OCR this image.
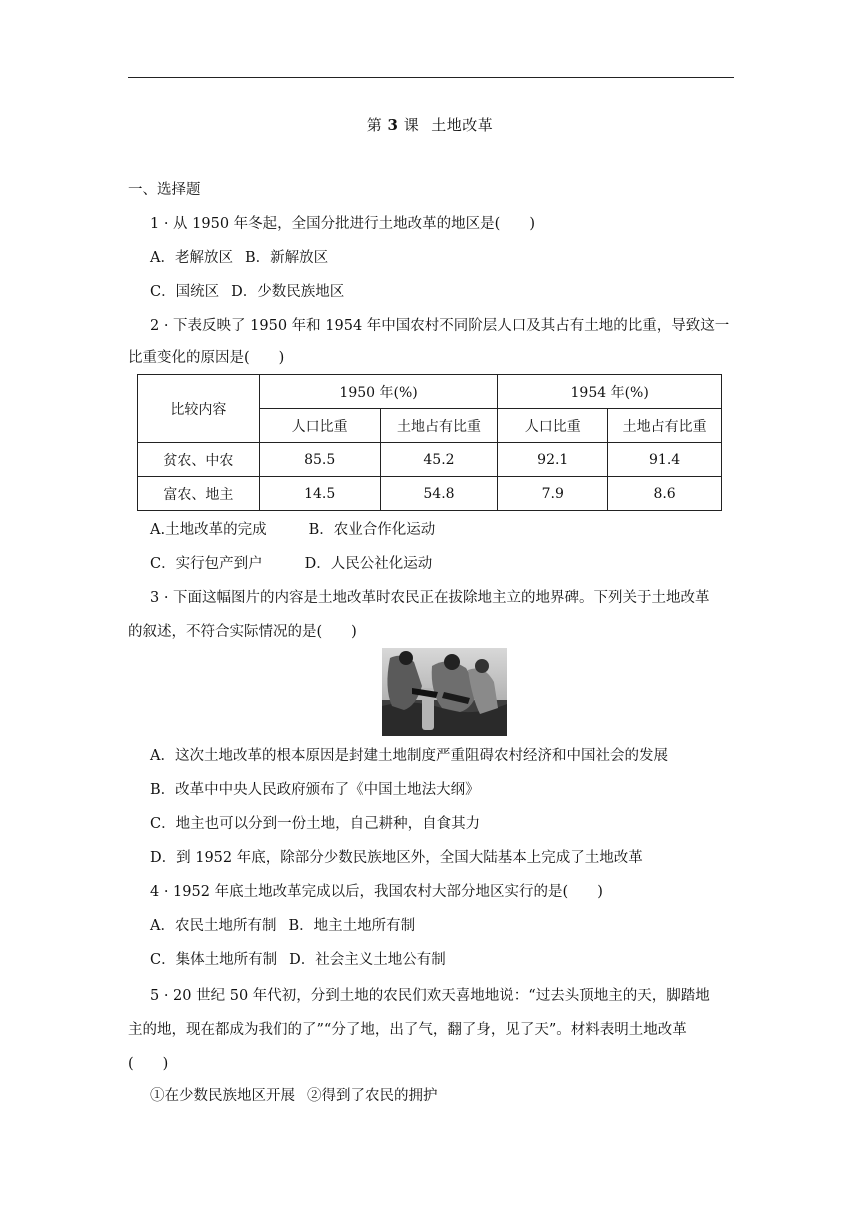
第 3 课 土地改革
一、选择题
1 · 从 1950 年冬起，全国分批进行土地改革的地区是(　　)
A．老解放区 B．新解放区
C．国统区 D．少数民族地区
2 · 下表反映了 1950 年和 1954 年中国农村不同阶层人口及其占有土地的比重，导致这一
比重变化的原因是(　　)
比较内容	1950 年(%)		1954 年(%)	
	人口比重	土地占有比重	人口比重	土地占有比重
贫农、中农	85.5	45.2	92.1	91.4
富农、地主	14.5	54.8	7.9	8.6
A.土地改革的完成	B．农业合作化运动
C．实行包产到户	D．人民公社化运动
3 · 下面这幅图片的内容是土地改革时农民正在拔除地主立的地界碑。下列关于土地改革
的叙述，不符合实际情况的是(　　)
A．这次土地改革的根本原因是封建土地制度严重阻碍农村经济和中国社会的发展
B．改革中中央人民政府颁布了《中国土地法大纲》
C．地主也可以分到一份土地，自己耕种，自食其力
D．到 1952 年底，除部分少数民族地区外，全国大陆基本上完成了土地改革
4 · 1952 年底土地改革完成以后，我国农村大部分地区实行的是(　　)
A．农民土地所有制 B．地主土地所有制
C．集体土地所有制 D．社会主义土地公有制
5 · 20 世纪 50 年代初，分到土地的农民们欢天喜地地说：“过去头顶地主的天，脚踏地
主的地，现在都成为我们的了”“分了地，出了气，翻了身，见了天”。材料表明土地改革
(　　)
①在少数民族地区开展 ②得到了农民的拥护
